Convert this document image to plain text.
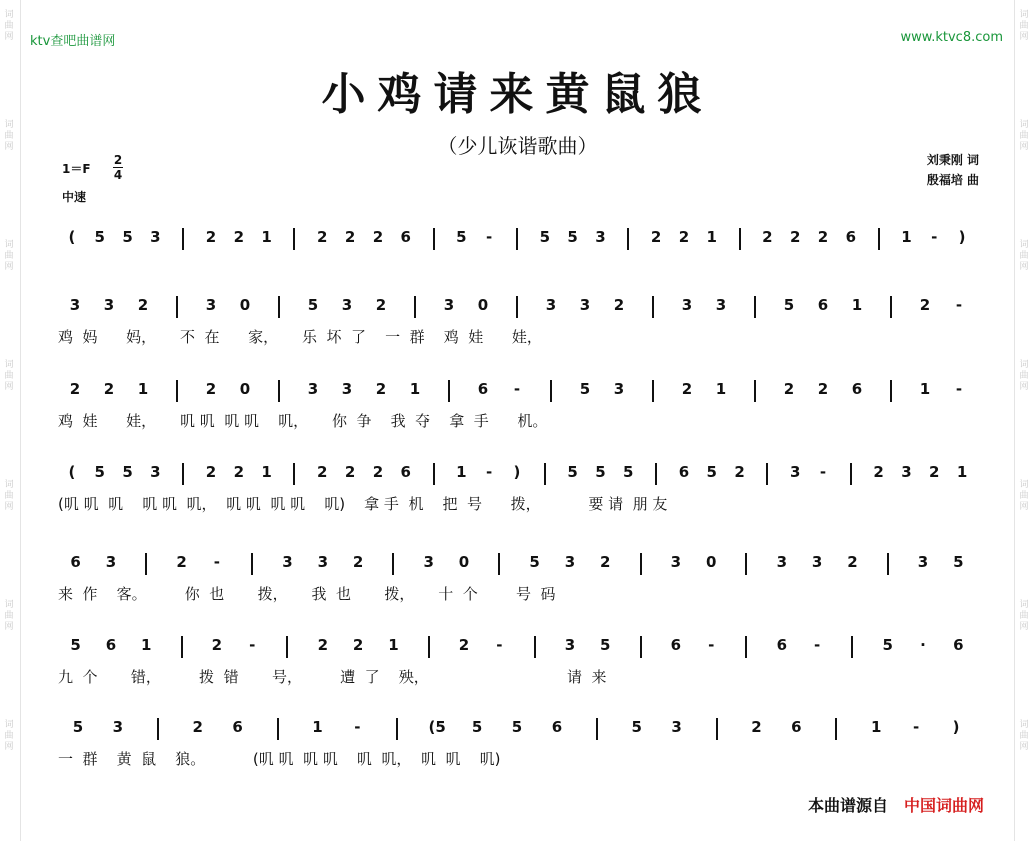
词曲网
词曲网
词曲网
词曲网
词曲网
词曲网
词曲网
词曲网
词曲网
词曲网
词曲网
词曲网
词曲网
词曲网
ktv查吧曲谱网	www.ktvc8.com
小鸡请来黄鼠狼
（少儿诙谐歌曲）
1＝F
2
4
中速
刘秉刚 词
殷福培 曲
(	5	5	3	2	2	1	2	2	2	6	5	-	5	5	3	2	2	1	2	2	2	6	1	-	)
3	3	2	3	0	5	3	2	3	0	3	3	2	3	3	5	6	1	2	-
鸡  妈      妈，     不  在      家，     乐  坏  了    一  群    鸡  娃      娃，
2	2	1	2	0	3	3	2	1	6	-	5	3	2	1	2	2	6	1	-
鸡  娃      娃，     叽 叽  叽 叽    叽，     你  争    我  夺    拿  手      机。
(	5	5	3	2	2	1	2	2	2	6	1	-	)	5	5	5	6	5	2	3	-	2	3	2	1
(叽 叽  叽    叽 叽  叽，  叽 叽  叽 叽    叽)    拿 手  机    把  号      拨，          要 请  朋 友
6	3	2	-	3	3	2	3	0	5	3	2	3	0	3	3	2	3	5
来  作    客。        你  也       拨，     我  也       拨，     十  个        号  码
5	6	1	2	-	2	2	1	2	-	3	5	6	-	6	-	5	·	6
九  个       错，        拨  错       号，        遭  了    殃，                             请  来
5	3	2	6	1	-	(5	5	5	6	5	3	2	6	1	-	)
一  群    黄  鼠    狼。          (叽 叽  叽 叽    叽  叽，  叽  叽    叽)
本曲谱源自 中国词曲网
